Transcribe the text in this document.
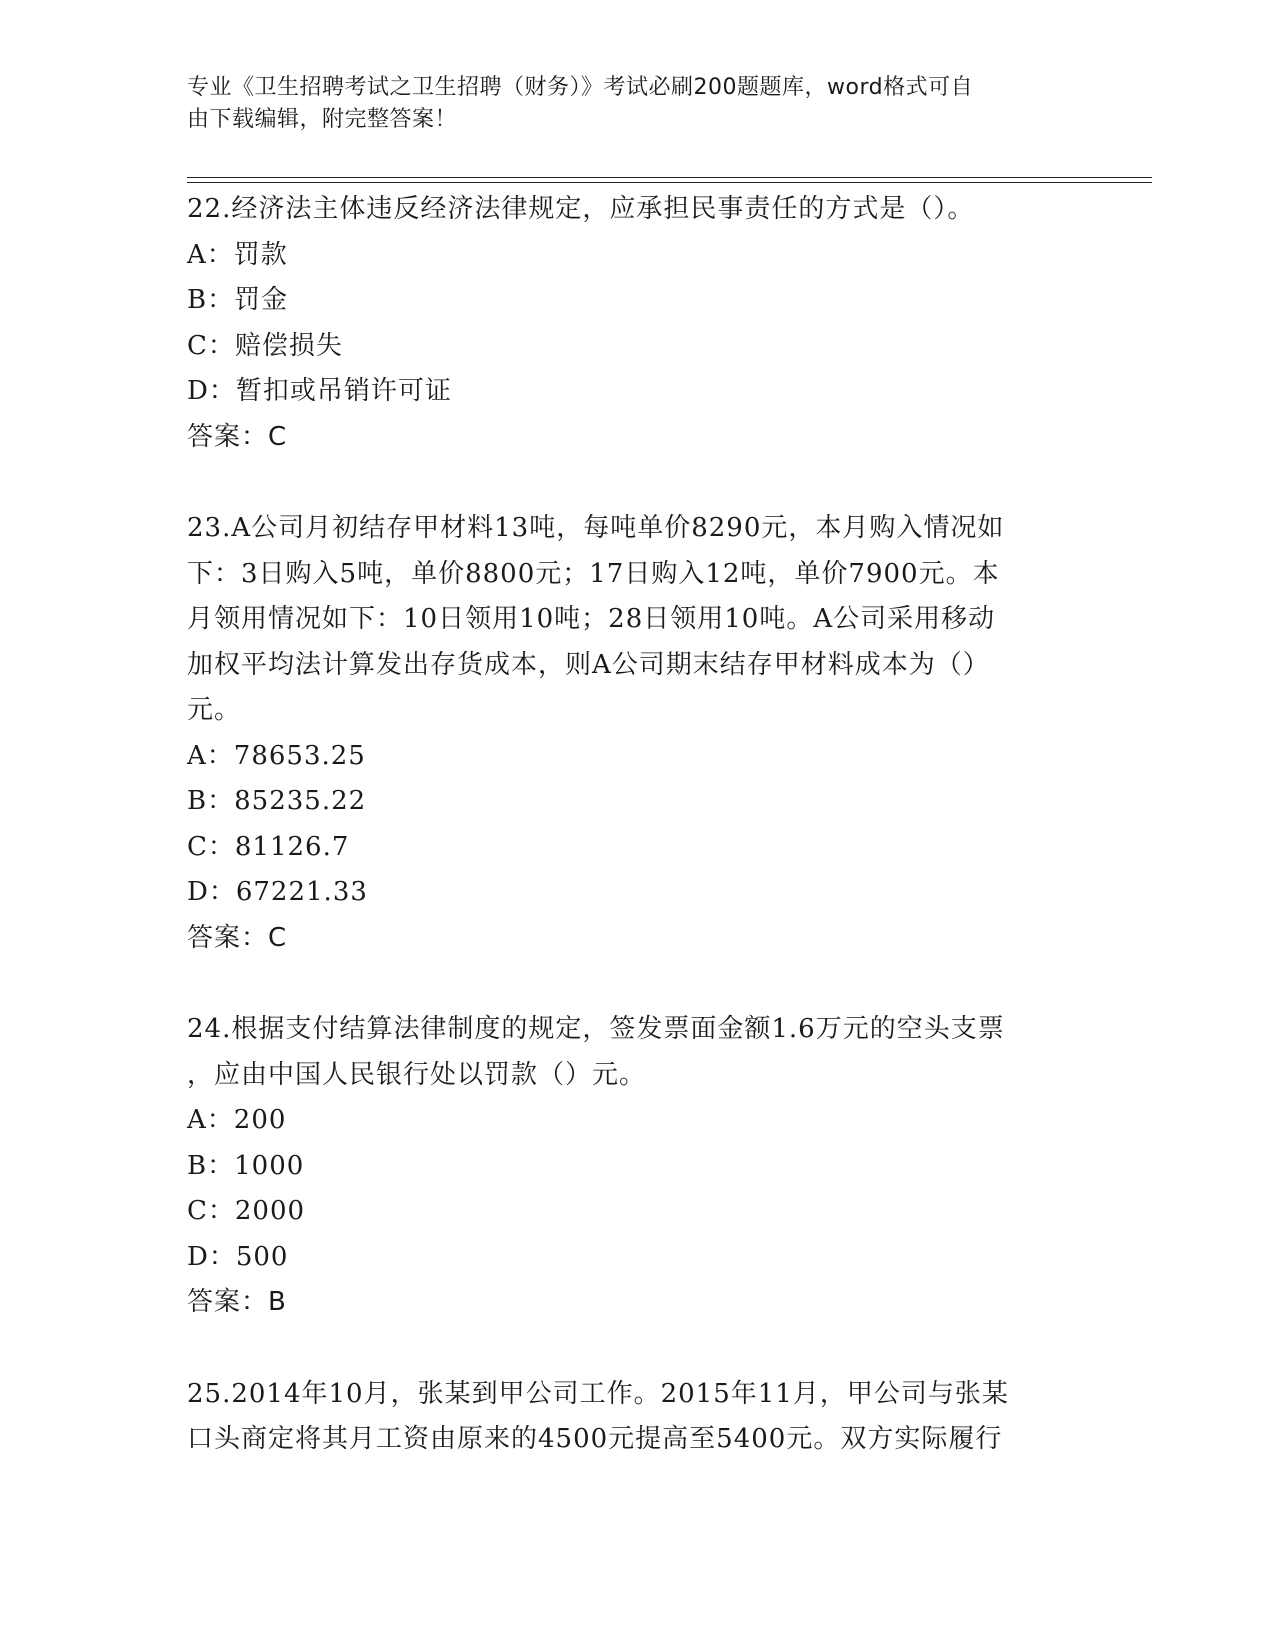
专业《卫生招聘考试之卫生招聘（财务）》考试必刷200题题库，word格式可自
由下载编辑，附完整答案！
22.经济法主体违反经济法律规定，应承担民事责任的方式是（）。
A：罚款
B：罚金
C：赔偿损失
D：暂扣或吊销许可证
答案：C
23.A公司月初结存甲材料13吨，每吨单价8290元，本月购入情况如
下：3日购入5吨，单价8800元；17日购入12吨，单价7900元。本
月领用情况如下：10日领用10吨；28日领用10吨。A公司采用移动
加权平均法计算发出存货成本，则A公司期末结存甲材料成本为（）
元。
A：78653.25
B：85235.22
C：81126.7
D：67221.33
答案：C
24.根据支付结算法律制度的规定，签发票面金额1.6万元的空头支票
，应由中国人民银行处以罚款（）元。
A：200
B：1000
C：2000
D：500
答案：B
25.2014年10月，张某到甲公司工作。2015年11月，甲公司与张某
口头商定将其月工资由原来的4500元提高至5400元。双方实际履行
